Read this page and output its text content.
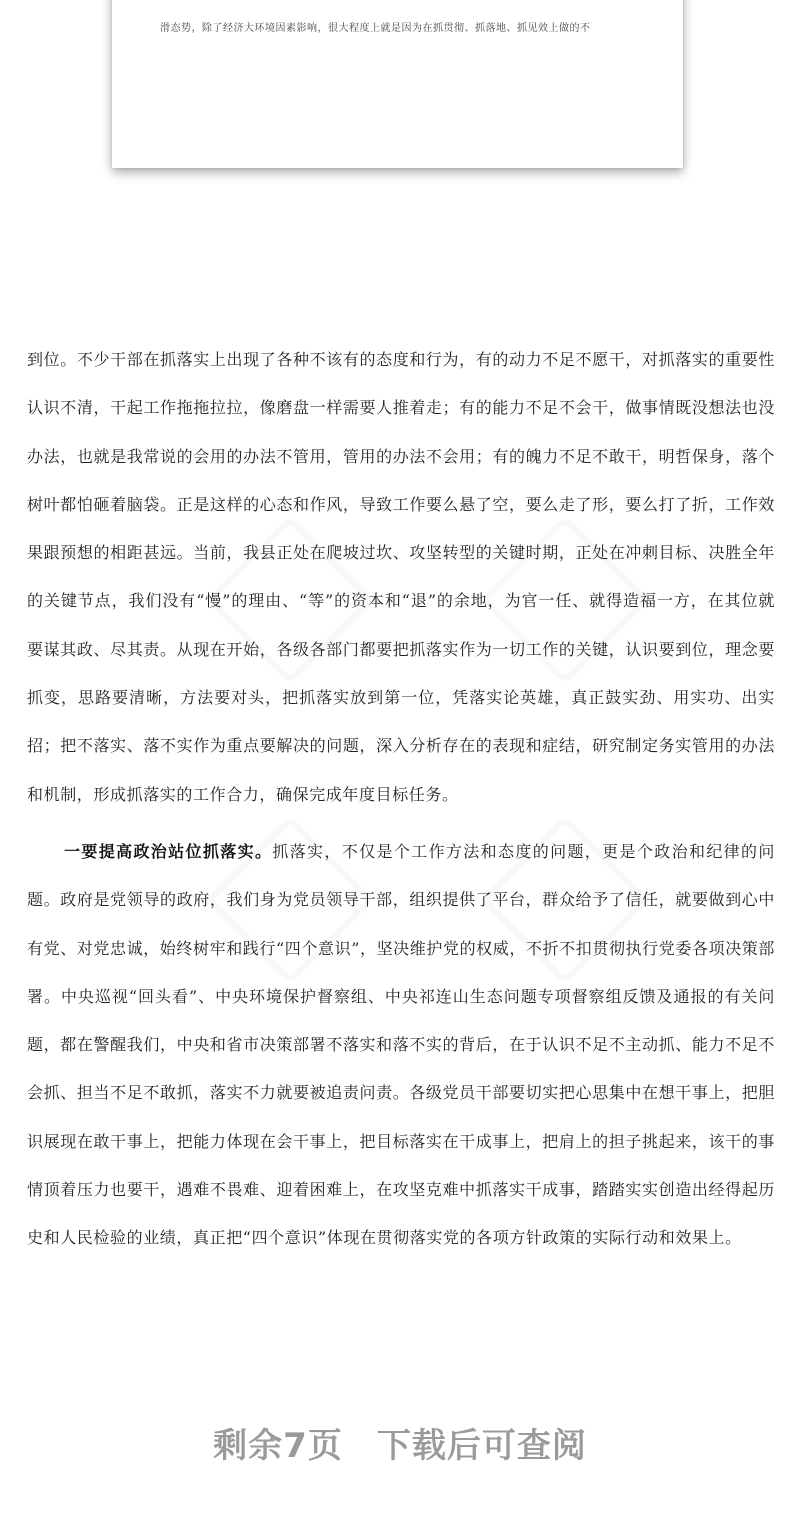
滑态势，除了经济大环境因素影响，很大程度上就是因为在抓贯彻、抓落地、抓见效上做的不

到位。不少干部在抓落实上出现了各种不该有的态度和行为，有的动力不足不愿干，对抓落实的重要性认识不清，干起工作拖拖拉拉，像磨盘一样需要人推着走；有的能力不足不会干，做事情既没想法也没办法，也就是我常说的会用的办法不管用，管用的办法不会用；有的魄力不足不敢干，明哲保身，落个树叶都怕砸着脑袋。正是这样的心态和作风，导致工作要么悬了空，要么走了形，要么打了折，工作效果跟预想的相距甚远。当前，我县正处在爬坡过坎、攻坚转型的关键时期，正处在冲刺目标、决胜全年的关键节点，我们没有“慢”的理由、“等”的资本和“退”的余地，为官一任、就得造福一方，在其位就要谋其政、尽其责。从现在开始，各级各部门都要把抓落实作为一切工作的关键，认识要到位，理念要抓变，思路要清晰，方法要对头，把抓落实放到第一位，凭落实论英雄，真正鼓实劲、用实功、出实招；把不落实、落不实作为重点要解决的问题，深入分析存在的表现和症结，研究制定务实管用的办法和机制，形成抓落实的工作合力，确保完成年度目标任务。

一要提高政治站位抓落实。抓落实，不仅是个工作方法和态度的问题，更是个政治和纪律的问题。政府是党领导的政府，我们身为党员领导干部，组织提供了平台，群众给予了信任，就要做到心中有党、对党忠诚，始终树牢和践行“四个意识”，坚决维护党的权威，不折不扣贯彻执行党委各项决策部署。中央巡视“回头看”、中央环境保护督察组、中央祁连山生态问题专项督察组反馈及通报的有关问题，都在警醒我们，中央和省市决策部署不落实和落不实的背后，在于认识不足不主动抓、能力不足不会抓、担当不足不敢抓，落实不力就要被追责问责。各级党员干部要切实把心思集中在想干事上，把胆识展现在敢干事上，把能力体现在会干事上，把目标落实在干成事上，把肩上的担子挑起来，该干的事情顶着压力也要干，遇难不畏难、迎着困难上，在攻坚克难中抓落实干成事，踏踏实实创造出经得起历史和人民检验的业绩，真正把“四个意识”体现在贯彻落实党的各项方针政策的实际行动和效果上。

剩余7页 下载后可查阅
